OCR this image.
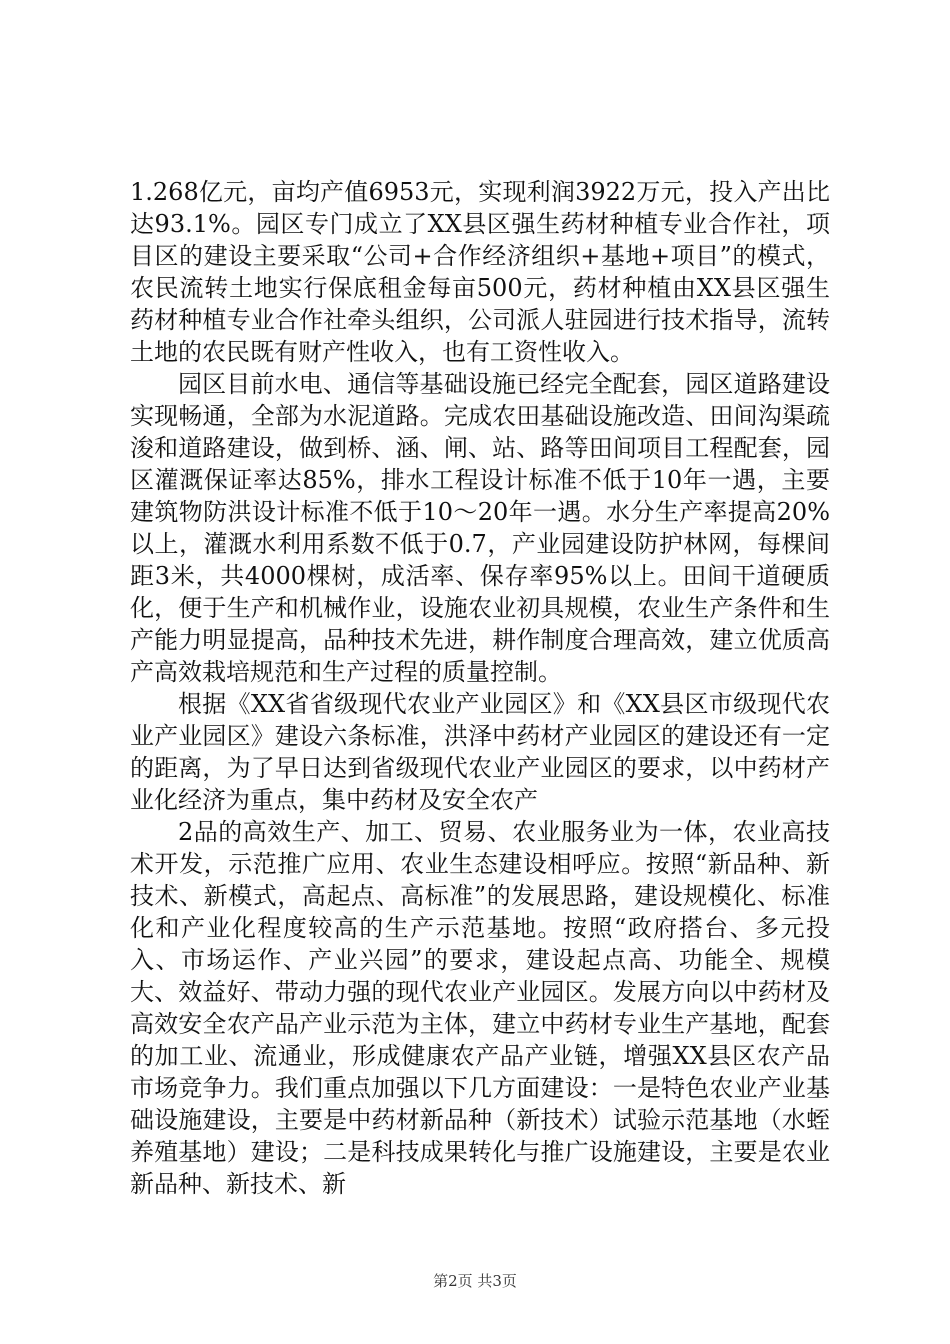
1.268亿元，亩均产值6953元，实现利润3922万元，投入产出比达93.1%。园区专门成立了XX县区强生药材种植专业合作社，项目区的建设主要采取“公司+合作经济组织+基地+项目”的模式，农民流转土地实行保底租金每亩500元，药材种植由XX县区强生药材种植专业合作社牵头组织，公司派人驻园进行技术指导，流转土地的农民既有财产性收入，也有工资性收入。

园区目前水电、通信等基础设施已经完全配套，园区道路建设实现畅通，全部为水泥道路。完成农田基础设施改造、田间沟渠疏浚和道路建设，做到桥、涵、闸、站、路等田间项目工程配套，园区灌溉保证率达85%，排水工程设计标准不低于10年一遇，主要建筑物防洪设计标准不低于10～20年一遇。水分生产率提高20%以上，灌溉水利用系数不低于0.7，产业园建设防护林网，每棵间距3米，共4000棵树，成活率、保存率95%以上。田间干道硬质化，便于生产和机械作业，设施农业初具规模，农业生产条件和生产能力明显提高，品种技术先进，耕作制度合理高效，建立优质高产高效栽培规范和生产过程的质量控制。

根据《XX省省级现代农业产业园区》和《XX县区市级现代农业产业园区》建设六条标准，洪泽中药材产业园区的建设还有一定的距离，为了早日达到省级现代农业产业园区的要求，以中药材产业化经济为重点，集中药材及安全农产

2品的高效生产、加工、贸易、农业服务业为一体，农业高技术开发，示范推广应用、农业生态建设相呼应。按照“新品种、新技术、新模式，高起点、高标准”的发展思路，建设规模化、标准化和产业化程度较高的生产示范基地。按照“政府搭台、多元投入、市场运作、产业兴园”的要求，建设起点高、功能全、规模大、效益好、带动力强的现代农业产业园区。发展方向以中药材及高效安全农产品产业示范为主体，建立中药材专业生产基地，配套的加工业、流通业，形成健康农产品产业链，增强XX县区农产品市场竞争力。我们重点加强以下几方面建设：一是特色农业产业基础设施建设，主要是中药材新品种（新技术）试验示范基地（水蛭养殖基地）建设；二是科技成果转化与推广设施建设，主要是农业新品种、新技术、新

第2页 共3页
